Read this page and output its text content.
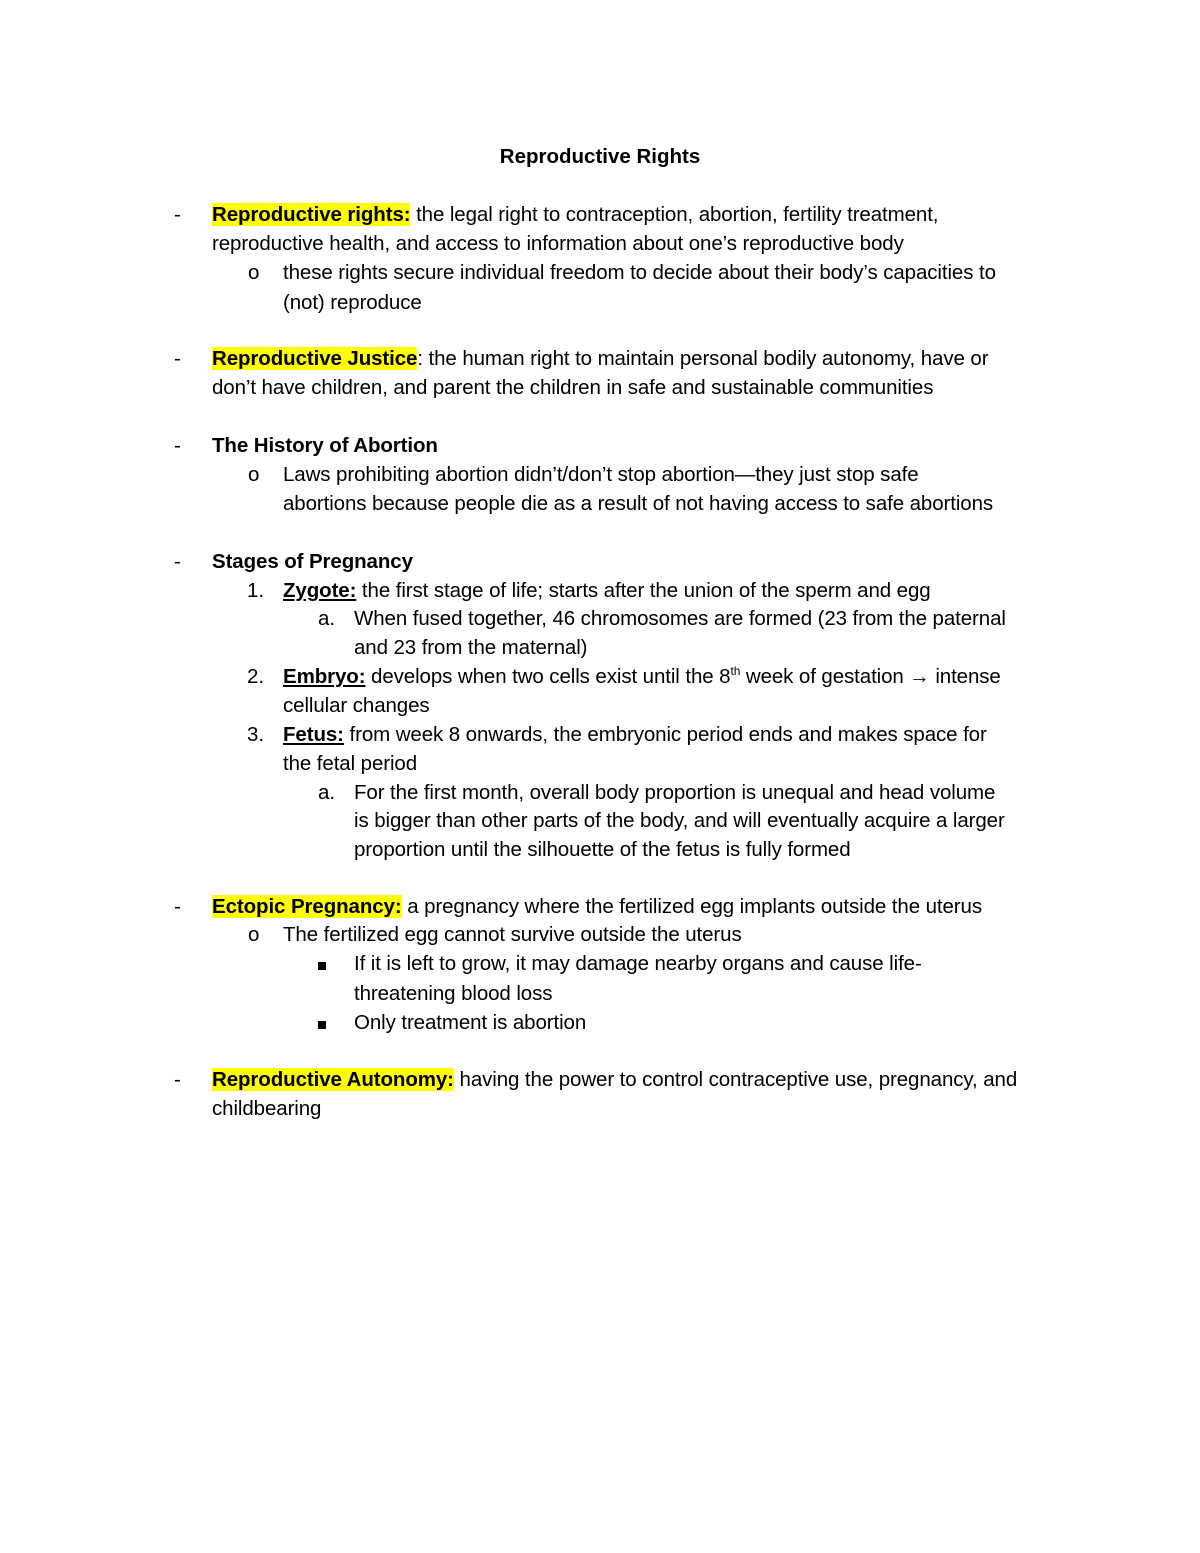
Reproductive Rights
- Reproductive rights: the legal right to contraception, abortion, fertility treatment,
reproductive health, and access to information about one’s reproductive body
o these rights secure individual freedom to decide about their body’s capacities to
(not) reproduce
- Reproductive Justice: the human right to maintain personal bodily autonomy, have or
don’t have children, and parent the children in safe and sustainable communities
- The History of Abortion
o Laws prohibiting abortion didn’t/don’t stop abortion—they just stop safe
abortions because people die as a result of not having access to safe abortions
- Stages of Pregnancy
1. Zygote: the first stage of life; starts after the union of the sperm and egg
a. When fused together, 46 chromosomes are formed (23 from the paternal
and 23 from the maternal)
2. Embryo: develops when two cells exist until the 8th week of gestation → intense
cellular changes
3. Fetus: from week 8 onwards, the embryonic period ends and makes space for
the fetal period
a. For the first month, overall body proportion is unequal and head volume
is bigger than other parts of the body, and will eventually acquire a larger
proportion until the silhouette of the fetus is fully formed
- Ectopic Pregnancy: a pregnancy where the fertilized egg implants outside the uterus
o The fertilized egg cannot survive outside the uterus
If it is left to grow, it may damage nearby organs and cause life-
threatening blood loss
Only treatment is abortion
- Reproductive Autonomy: having the power to control contraceptive use, pregnancy, and
childbearing
